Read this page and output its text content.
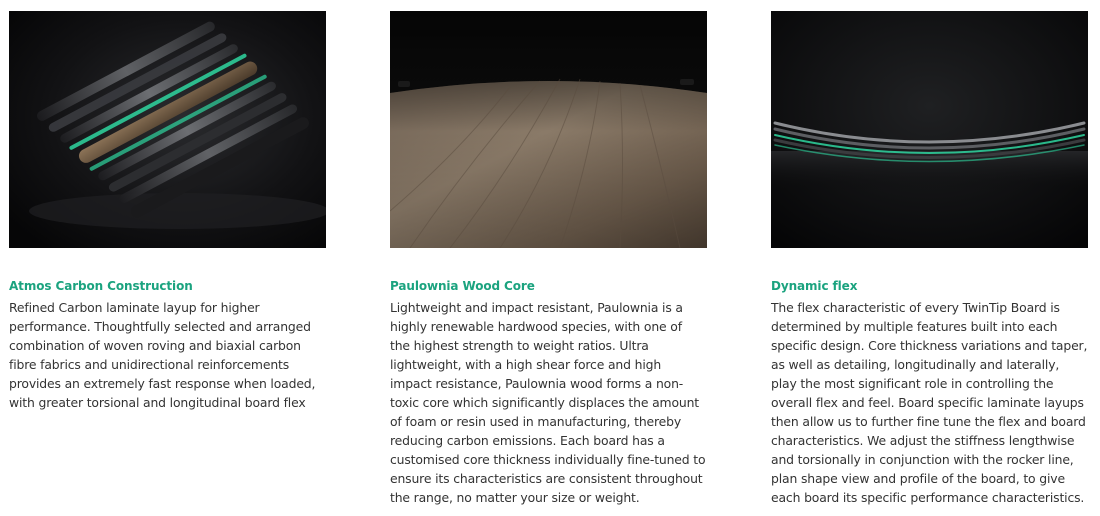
Atmos Carbon Construction
Refined Carbon laminate layup for higher
performance. Thoughtfully selected and arranged
combination of woven roving and biaxial carbon
fibre fabrics and unidirectional reinforcements
provides an extremely fast response when loaded,
with greater torsional and longitudinal board flex
Paulownia Wood Core
Lightweight and impact resistant, Paulownia is a
highly renewable hardwood species, with one of
the highest strength to weight ratios. Ultra
lightweight, with a high shear force and high
impact resistance, Paulownia wood forms a non-
toxic core which significantly displaces the amount
of foam or resin used in manufacturing, thereby
reducing carbon emissions. Each board has a
customised core thickness individually fine-tuned to
ensure its characteristics are consistent throughout
the range, no matter your size or weight.
Dynamic flex
The flex characteristic of every TwinTip Board is
determined by multiple features built into each
specific design. Core thickness variations and taper,
as well as detailing, longitudinally and laterally,
play the most significant role in controlling the
overall flex and feel. Board specific laminate layups
then allow us to further fine tune the flex and board
characteristics. We adjust the stiffness lengthwise
and torsionally in conjunction with the rocker line,
plan shape view and profile of the board, to give
each board its specific performance characteristics.
